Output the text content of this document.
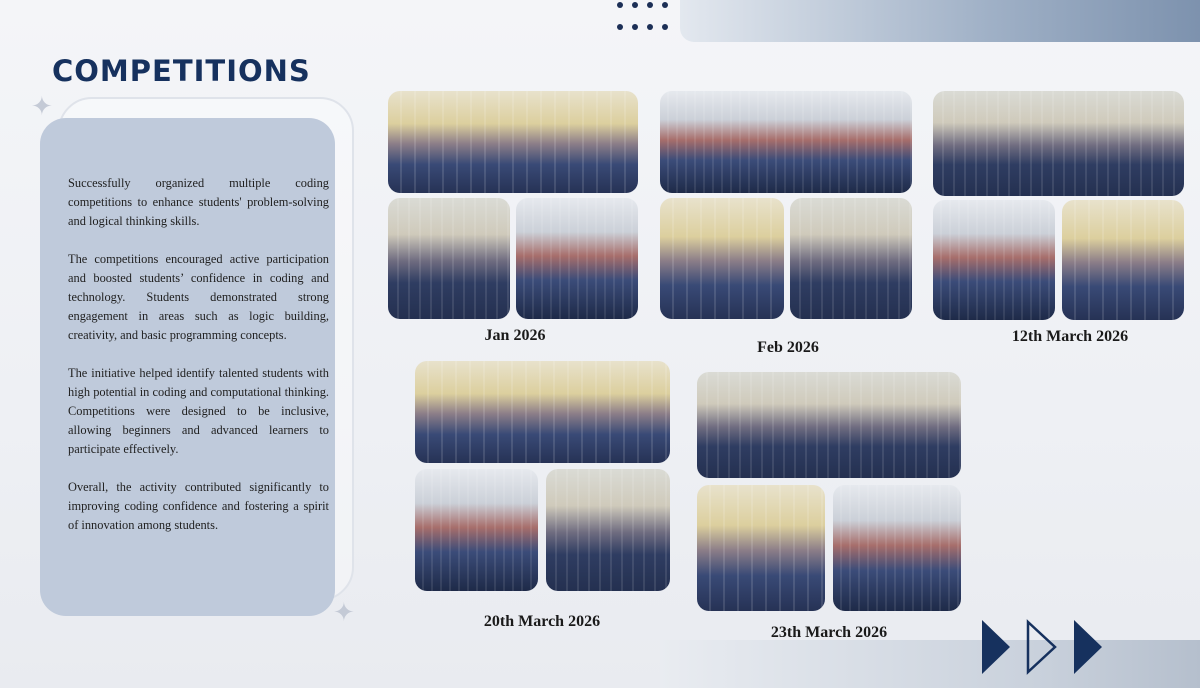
COMPETITIONS
✦
✦

Successfully organized multiple coding competitions to enhance students' problem-solving and logical thinking skills.

The competitions encouraged active participation and boosted students’ confidence in coding and technology. Students demonstrated strong engagement in areas such as logic building, creativity, and basic programming concepts.

The initiative helped identify talented students with high potential in coding and computational thinking. Competitions were designed to be inclusive, allowing beginners and advanced learners to participate effectively.

Overall, the activity contributed significantly to improving coding confidence and fostering a spirit of innovation among students.

Jan 2026

Feb 2026

12th March 2026

20th March 2026

23th March 2026
